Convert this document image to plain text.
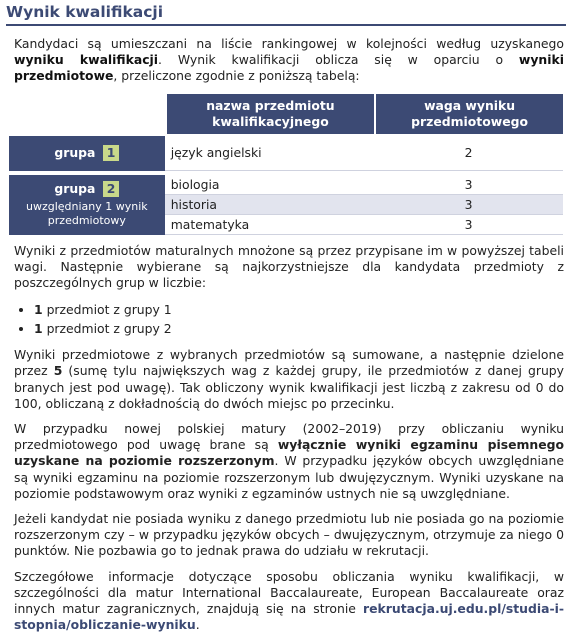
Wynik kwalifikacji

Kandydaci są umieszczani na liście rankingowej w kolejności według uzyskanego wyniku kwalifikacji. Wynik kwalifikacji oblicza się w oparciu o wyniki przedmiotowe, przeliczone zgodnie z poniższą tabelą:

	nazwa przedmiotu kwalifikacyjnego	waga wyniku przedmiotowego
grupa 1	język angielski	2
grupa 2
uwzględniany 1 wynik przedmiotowy	biologia	3
	historia	3
	matematyka	3

Wyniki z przedmiotów maturalnych mnożone są przez przypisane im w powyższej tabeli wagi. Następnie wybierane są najkorzystniejsze dla kandydata przedmioty z poszczególnych grup w liczbie:

• 1 przedmiot z grupy 1
• 1 przedmiot z grupy 2

Wyniki przedmiotowe z wybranych przedmiotów są sumowane, a następnie dzielone przez 5 (sumę tylu największych wag z każdej grupy, ile przedmiotów z danej grupy branych jest pod uwagę). Tak obliczony wynik kwalifikacji jest liczbą z zakresu od 0 do 100, obliczaną z dokładnością do dwóch miejsc po przecinku.

W przypadku nowej polskiej matury (2002–2019) przy obliczaniu wyniku przedmiotowego pod uwagę brane są wyłącznie wyniki egzaminu pisemnego uzyskane na poziomie rozszerzonym. W przypadku języków obcych uwzględniane są wyniki egzaminu na poziomie rozszerzonym lub dwujęzycznym. Wyniki uzyskane na poziomie podstawowym oraz wyniki z egzaminów ustnych nie są uwzględniane.

Jeżeli kandydat nie posiada wyniku z danego przedmiotu lub nie posiada go na poziomie rozszerzonym czy – w przypadku języków obcych – dwujęzycznym, otrzymuje za niego 0 punktów. Nie pozbawia go to jednak prawa do udziału w rekrutacji.

Szczegółowe informacje dotyczące sposobu obliczania wyniku kwalifikacji, w szczególności dla matur International Baccalaureate, European Baccalaureate oraz innych matur zagranicznych, znajdują się na stronie rekrutacja.uj.edu.pl/studia-i-stopnia/obliczanie-wyniku.
